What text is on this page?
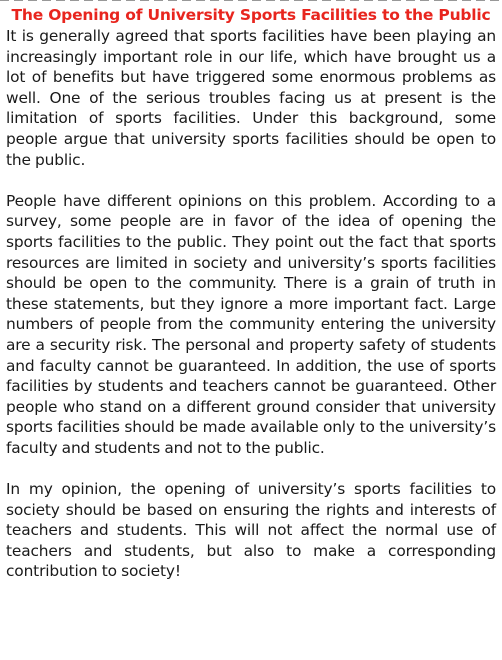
The Opening of University Sports Facilities to the Public

It is generally agreed that sports facilities have been playing an increasingly important role in our life, which have brought us a lot of benefits but have triggered some enormous problems as well. One of the serious troubles facing us at present is the limitation of sports facilities. Under this background, some people argue that university sports facilities should be open to the public.

People have different opinions on this problem. According to a survey, some people are in favor of the idea of opening the sports facilities to the public. They point out the fact that sports resources are limited in society and university’s sports facilities should be open to the community. There is a grain of truth in these statements, but they ignore a more important fact. Large numbers of people from the community entering the university are a security risk. The personal and property safety of students and faculty cannot be guaranteed. In addition, the use of sports facilities by students and teachers cannot be guaranteed. Other people who stand on a different ground consider that university sports facilities should be made available only to the university’s faculty and students and not to the public.

In my opinion, the opening of university’s sports facilities to society should be based on ensuring the rights and interests of teachers and students. This will not affect the normal use of teachers and students, but also to make a corresponding contribution to society!
